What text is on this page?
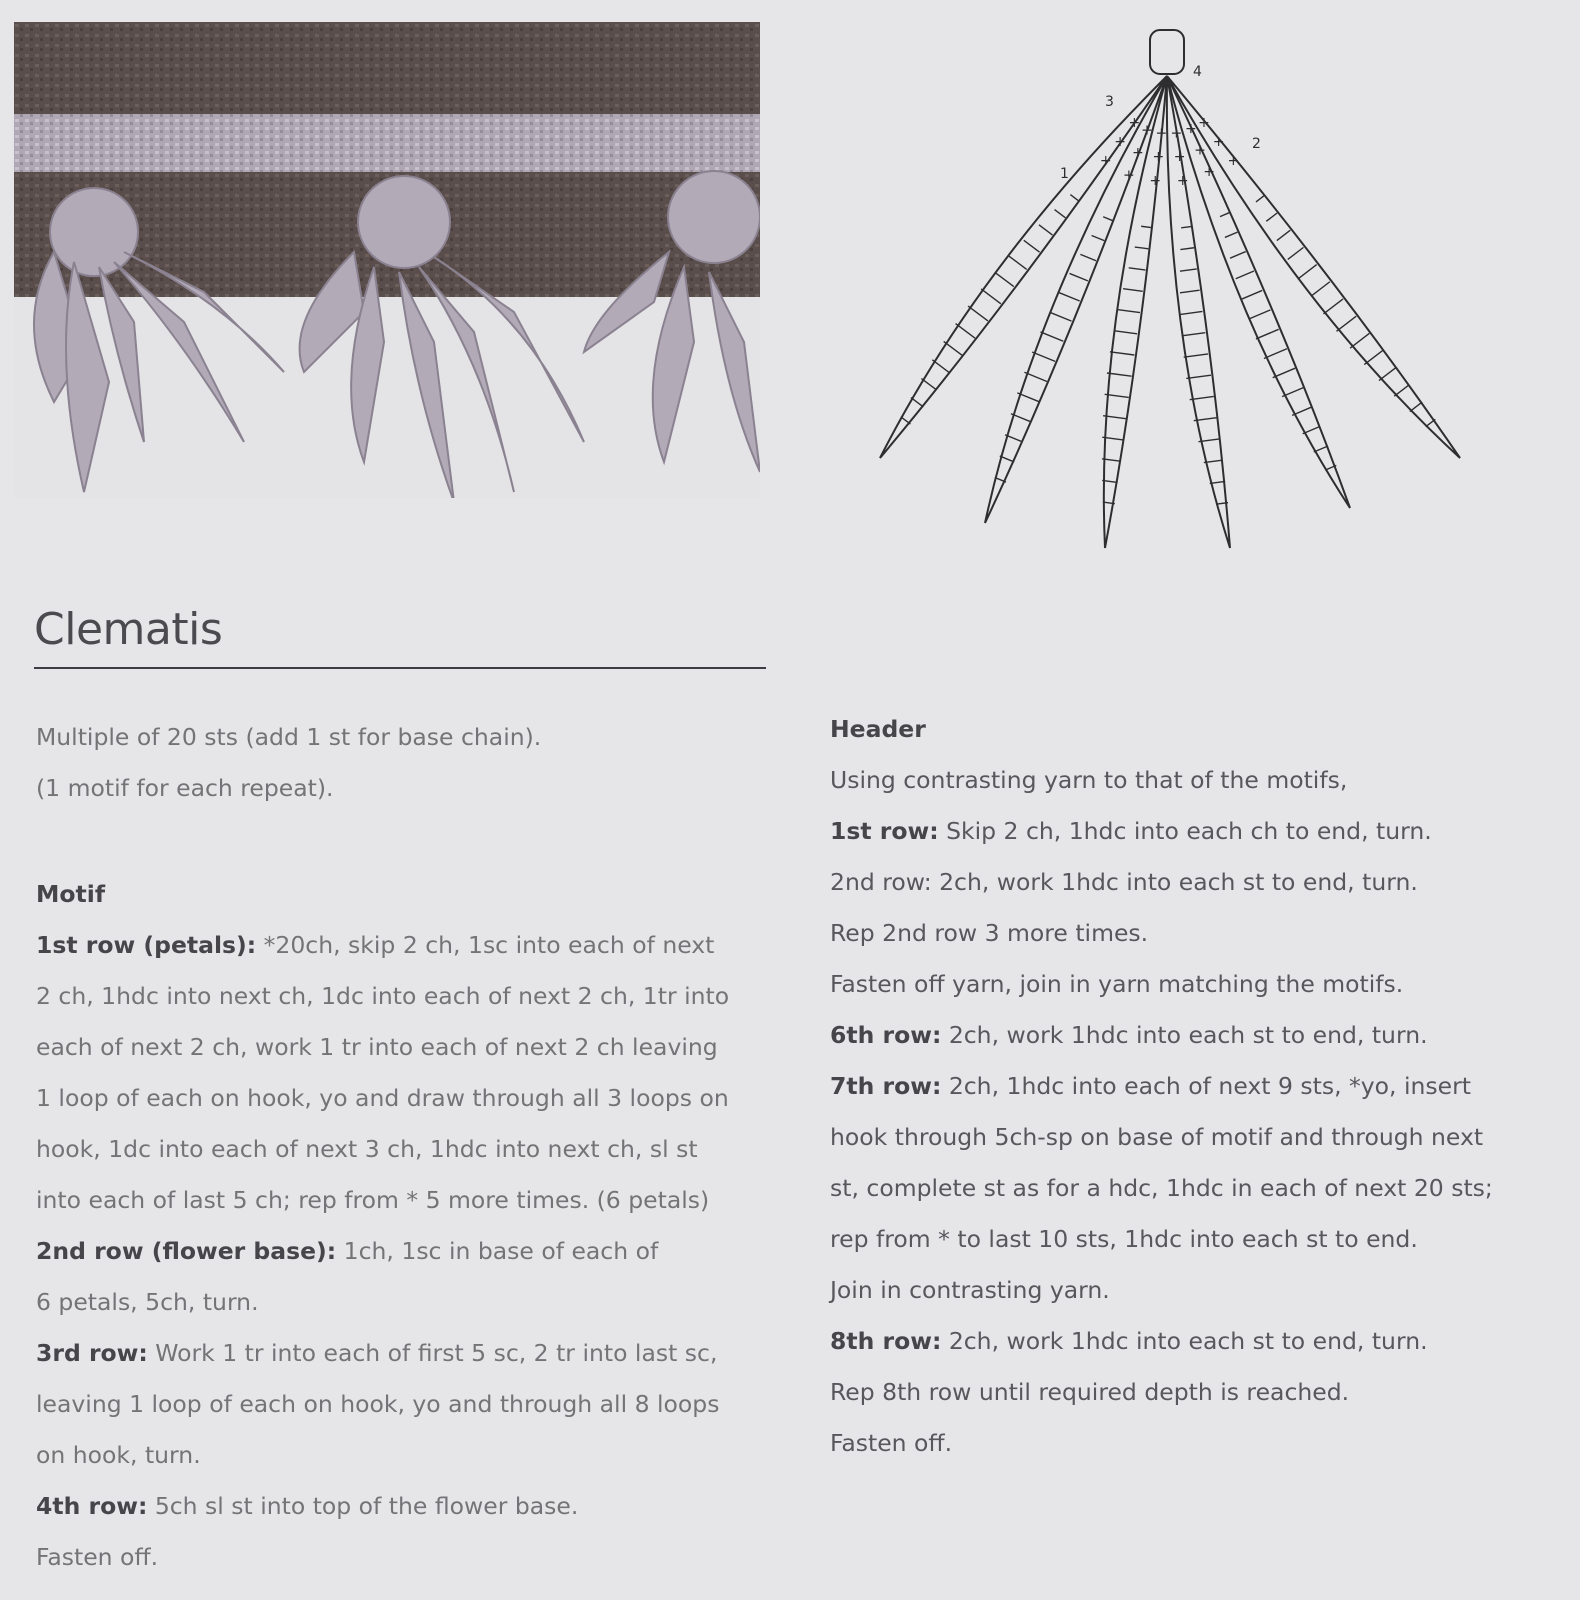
+
+
+
+
+
+
+
+
+
+
+
+
+
+
+
+
+
+
1
2
3
4
Clematis

Multiple of 20 sts (add 1 st for base chain).

(1 motif for each repeat).

Motif

1st row (petals): *20ch, skip 2 ch, 1sc into each of next

2 ch, 1hdc into next ch, 1dc into each of next 2 ch, 1tr into

each of next 2 ch, work 1 tr into each of next 2 ch leaving

1 loop of each on hook, yo and draw through all 3 loops on

hook, 1dc into each of next 3 ch, 1hdc into next ch, sl st

into each of last 5 ch; rep from * 5 more times. (6 petals)

2nd row (flower base): 1ch, 1sc in base of each of

6 petals, 5ch, turn.

3rd row: Work 1 tr into each of first 5 sc, 2 tr into last sc,

leaving 1 loop of each on hook, yo and through all 8 loops

on hook, turn.

4th row: 5ch sl st into top of the flower base.

Fasten off.

Header

Using contrasting yarn to that of the motifs,

1st row: Skip 2 ch, 1hdc into each ch to end, turn.

2nd row: 2ch, work 1hdc into each st to end, turn.

Rep 2nd row 3 more times.

Fasten off yarn, join in yarn matching the motifs.

6th row: 2ch, work 1hdc into each st to end, turn.

7th row: 2ch, 1hdc into each of next 9 sts, *yo, insert

hook through 5ch-sp on base of motif and through next

st, complete st as for a hdc, 1hdc in each of next 20 sts;

rep from * to last 10 sts, 1hdc into each st to end.

Join in contrasting yarn.

8th row: 2ch, work 1hdc into each st to end, turn.

Rep 8th row until required depth is reached.

Fasten off.
